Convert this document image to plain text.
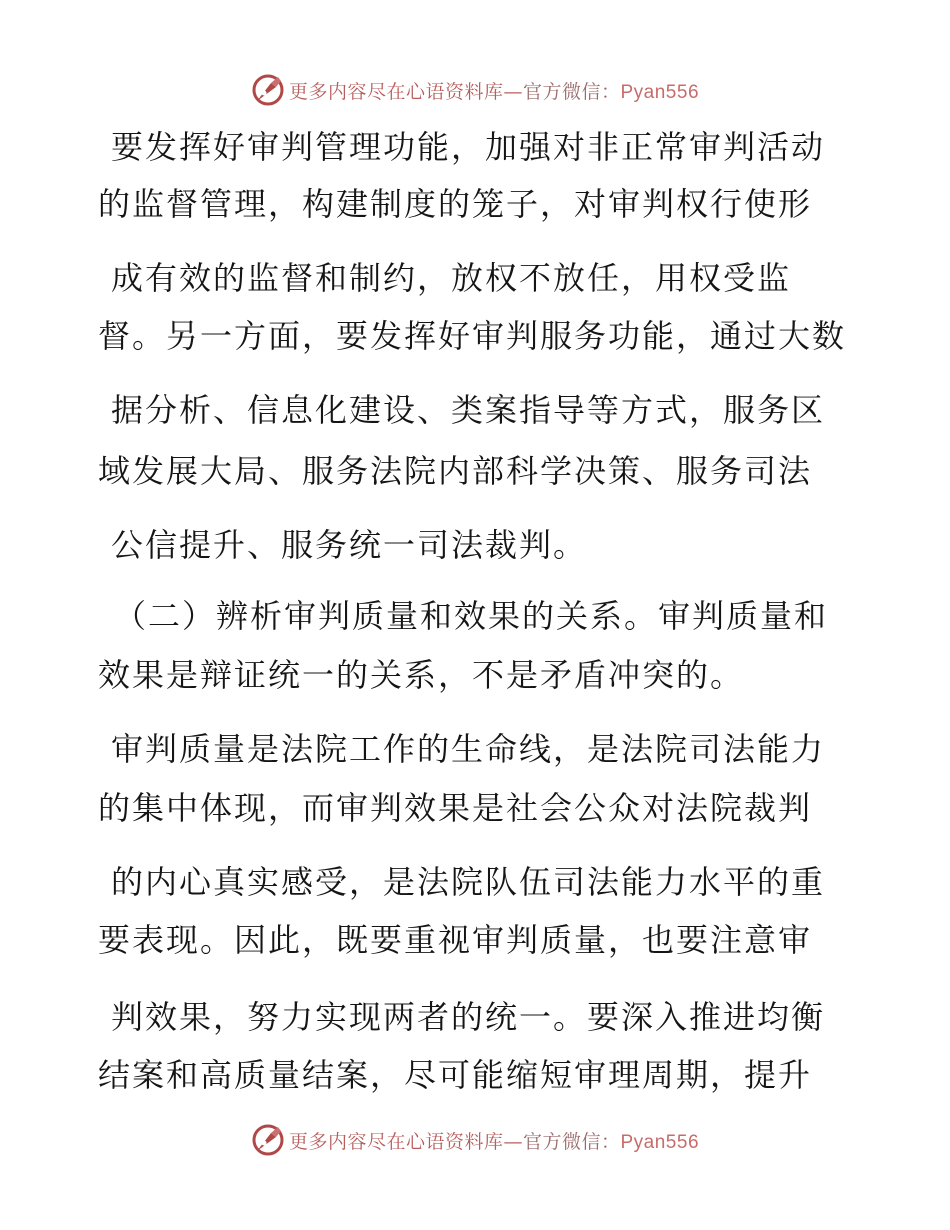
更多内容尽在心语资料库—官方微信：Pyan556
要发挥好审判管理功能，加强对非正常审判活动
的监督管理，构建制度的笼子，对审判权行使形
成有效的监督和制约，放权不放任，用权受监
督。另一方面，要发挥好审判服务功能，通过大数
据分析、信息化建设、类案指导等方式，服务区
域发展大局、服务法院内部科学决策、服务司法
公信提升、服务统一司法裁判。
（二）辨析审判质量和效果的关系。审判质量和
效果是辩证统一的关系，不是矛盾冲突的。
审判质量是法院工作的生命线，是法院司法能力
的集中体现，而审判效果是社会公众对法院裁判
的内心真实感受，是法院队伍司法能力水平的重
要表现。因此，既要重视审判质量，也要注意审
判效果，努力实现两者的统一。要深入推进均衡
结案和高质量结案，尽可能缩短审理周期，提升
更多内容尽在心语资料库—官方微信：Pyan556
